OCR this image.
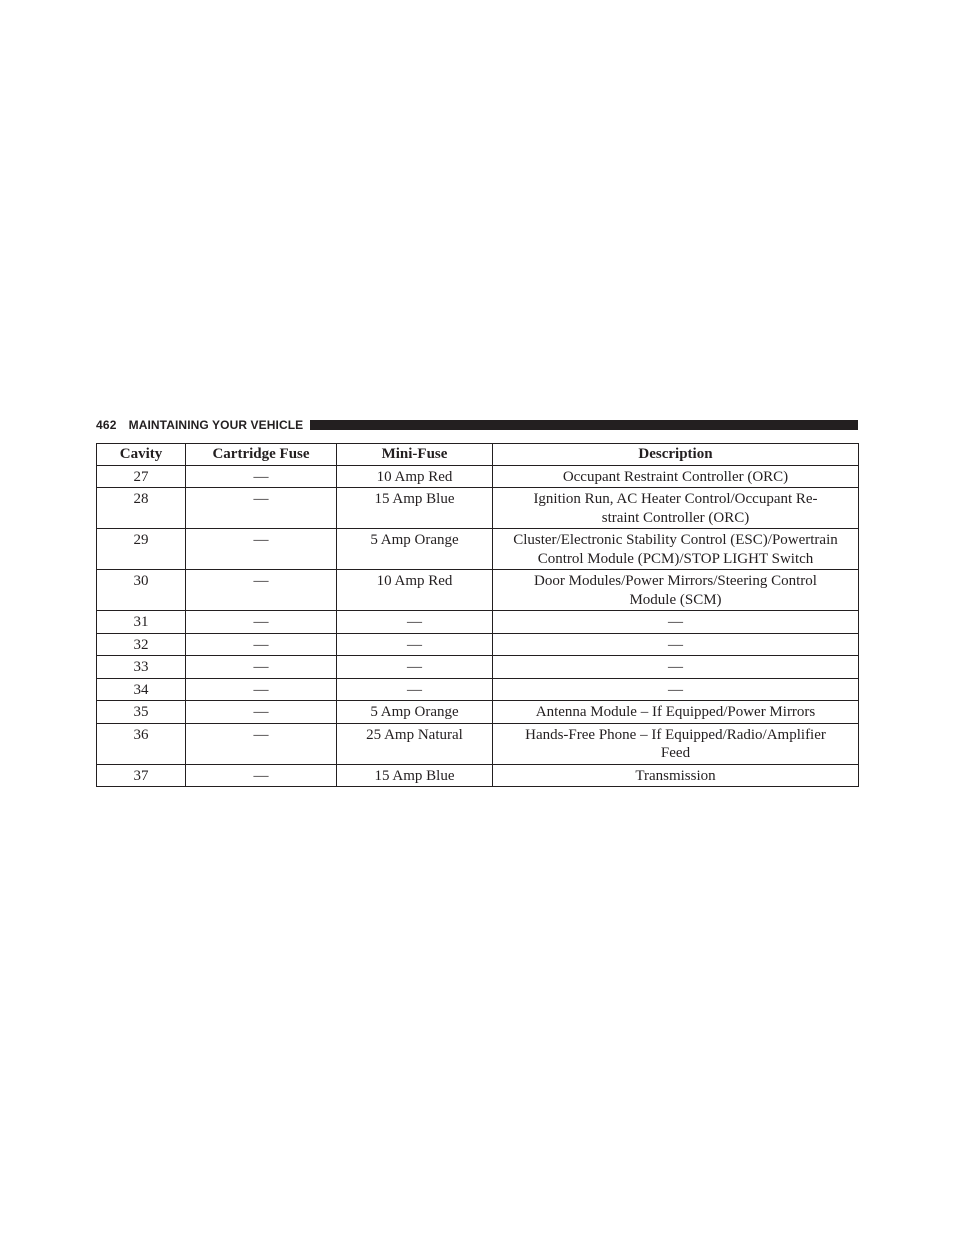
462 MAINTAINING YOUR VEHICLE
Cavity	Cartridge Fuse	Mini-Fuse	Description
27	—	10 Amp Red	Occupant Restraint Controller (ORC)
28	—	15 Amp Blue	Ignition Run, AC Heater Control/Occupant Re-
straint Controller (ORC)
29	—	5 Amp Orange	Cluster/Electronic Stability Control (ESC)/Powertrain
Control Module (PCM)/STOP LIGHT Switch
30	—	10 Amp Red	Door Modules/Power Mirrors/Steering Control
Module (SCM)
31	—	—	—
32	—	—	—
33	—	—	—
34	—	—	—
35	—	5 Amp Orange	Antenna Module – If Equipped/Power Mirrors
36	—	25 Amp Natural	Hands-Free Phone – If Equipped/Radio/Amplifier
Feed
37	—	15 Amp Blue	Transmission
